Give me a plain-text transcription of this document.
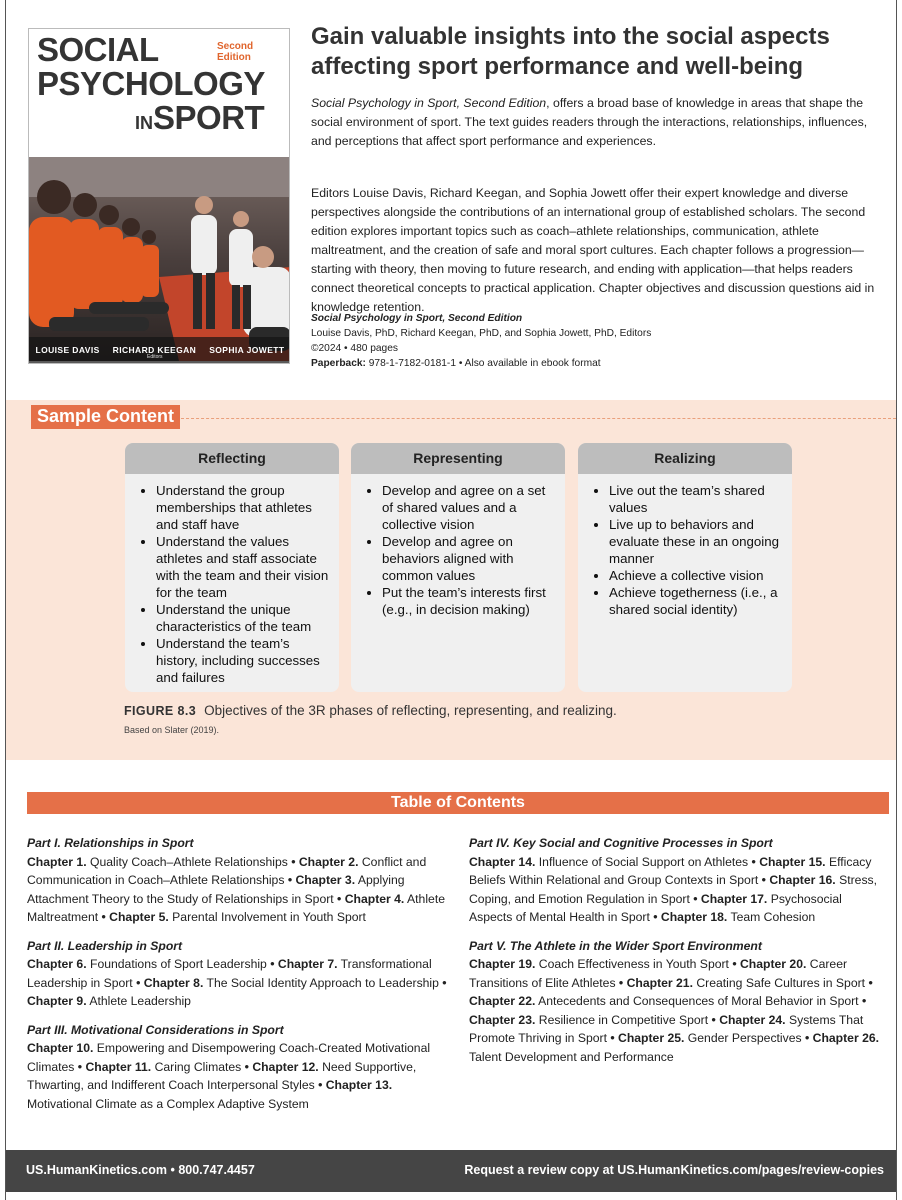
SOCIAL
PSYCHOLOGY
INSPORT
Second Edition
LOUISE DAVIS RICHARD KEEGAN SOPHIA JOWETT
Editors
Gain valuable insights into the social aspects affecting sport performance and well-being
Social Psychology in Sport, Second Edition, offers a broad base of knowledge in areas that shape the social environment of sport. The text guides readers through the interactions, relationships, influences, and perceptions that affect sport performance and experiences.
Editors Louise Davis, Richard Keegan, and Sophia Jowett offer their expert knowledge and diverse perspectives alongside the contributions of an international group of established scholars. The second edition explores important topics such as coach–athlete relationships, communication, athlete maltreatment, and the creation of safe and moral sport cultures. Each chapter follows a progression—starting with theory, then moving to future research, and ending with application—that helps readers connect theoretical concepts to practical application. Chapter objectives and discussion questions aid in knowledge retention.
Social Psychology in Sport, Second Edition
Louise Davis, PhD, Richard Keegan, PhD, and Sophia Jowett, PhD, Editors
©2024 • 480 pages
Paperback: 978-1-7182-0181-1 • Also available in ebook format
Sample Content
Reflecting
• Understand the group memberships that athletes and staff have
• Understand the values athletes and staff associate with the team and their vision for the team
• Understand the unique characteristics of the team
• Understand the team’s history, including successes and failures
Representing
• Develop and agree on a set of shared values and a collective vision
• Develop and agree on behaviors aligned with common values
• Put the team’s interests first (e.g., in decision making)
Realizing
• Live out the team’s shared values
• Live up to behaviors and evaluate these in an ongoing manner
• Achieve a collective vision
• Achieve togetherness (i.e., a shared social identity)
FIGURE 8.3 Objectives of the 3R phases of reflecting, representing, and realizing.
Based on Slater (2019).
Table of Contents
Part I. Relationships in Sport
Chapter 1. Quality Coach–Athlete Relationships • Chapter 2. Conflict and Communication in Coach–Athlete Relationships • Chapter 3. Applying Attachment Theory to the Study of Relationships in Sport • Chapter 4. Athlete Maltreatment • Chapter 5. Parental Involvement in Youth Sport
Part II. Leadership in Sport
Chapter 6. Foundations of Sport Leadership • Chapter 7. Transformational Leadership in Sport • Chapter 8. The Social Identity Approach to Leadership • Chapter 9. Athlete Leadership
Part III. Motivational Considerations in Sport
Chapter 10. Empowering and Disempowering Coach-Created Motivational Climates • Chapter 11. Caring Climates • Chapter 12. Need Supportive, Thwarting, and Indifferent Coach Interpersonal Styles • Chapter 13. Motivational Climate as a Complex Adaptive System
Part IV. Key Social and Cognitive Processes in Sport
Chapter 14. Influence of Social Support on Athletes • Chapter 15. Efficacy Beliefs Within Relational and Group Contexts in Sport • Chapter 16. Stress, Coping, and Emotion Regulation in Sport • Chapter 17. Psychosocial Aspects of Mental Health in Sport • Chapter 18. Team Cohesion
Part V. The Athlete in the Wider Sport Environment
Chapter 19. Coach Effectiveness in Youth Sport • Chapter 20. Career Transitions of Elite Athletes • Chapter 21. Creating Safe Cultures in Sport • Chapter 22. Antecedents and Consequences of Moral Behavior in Sport • Chapter 23. Resilience in Competitive Sport • Chapter 24. Systems That Promote Thriving in Sport • Chapter 25. Gender Perspectives • Chapter 26. Talent Development and Performance
US.HumanKinetics.com • 800.747.4457	Request a review copy at US.HumanKinetics.com/pages/review-copies
